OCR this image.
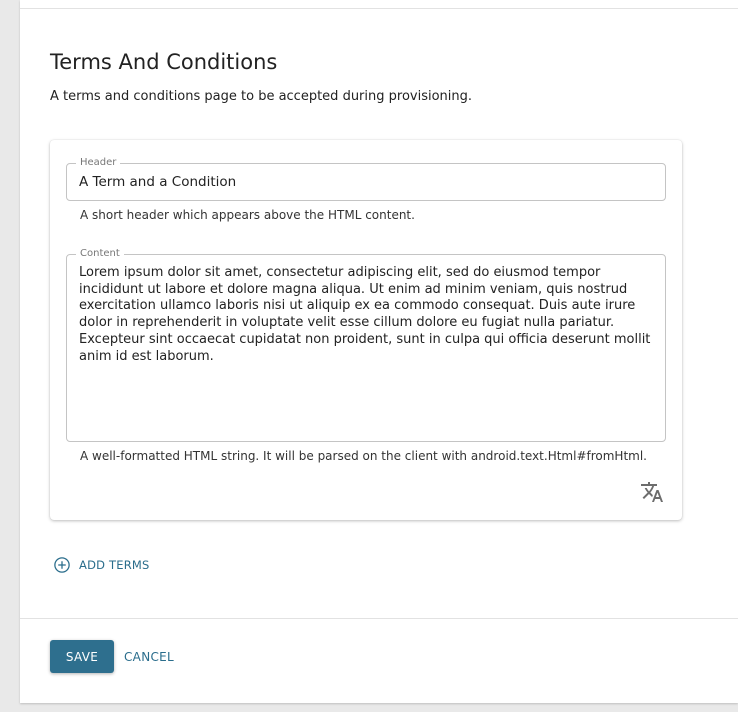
Terms And Conditions

A terms and conditions page to be accepted during provisioning.

Header
A Term and a Condition
A short header which appears above the HTML content.
Content
Lorem ipsum dolor sit amet, consectetur adipiscing elit, sed do eiusmod tempor incididunt ut labore et dolore magna aliqua. Ut enim ad minim veniam, quis nostrud exercitation ullamco laboris nisi ut aliquip ex ea commodo consequat. Duis aute irure dolor in reprehenderit in voluptate velit esse cillum dolore eu fugiat nulla pariatur. Excepteur sint occaecat cupidatat non proident, sunt in culpa qui officia deserunt mollit anim id est laborum.
A well-formatted HTML string. It will be parsed on the client with android.text.Html#fromHtml.
ADD TERMS
SAVE	CANCEL
